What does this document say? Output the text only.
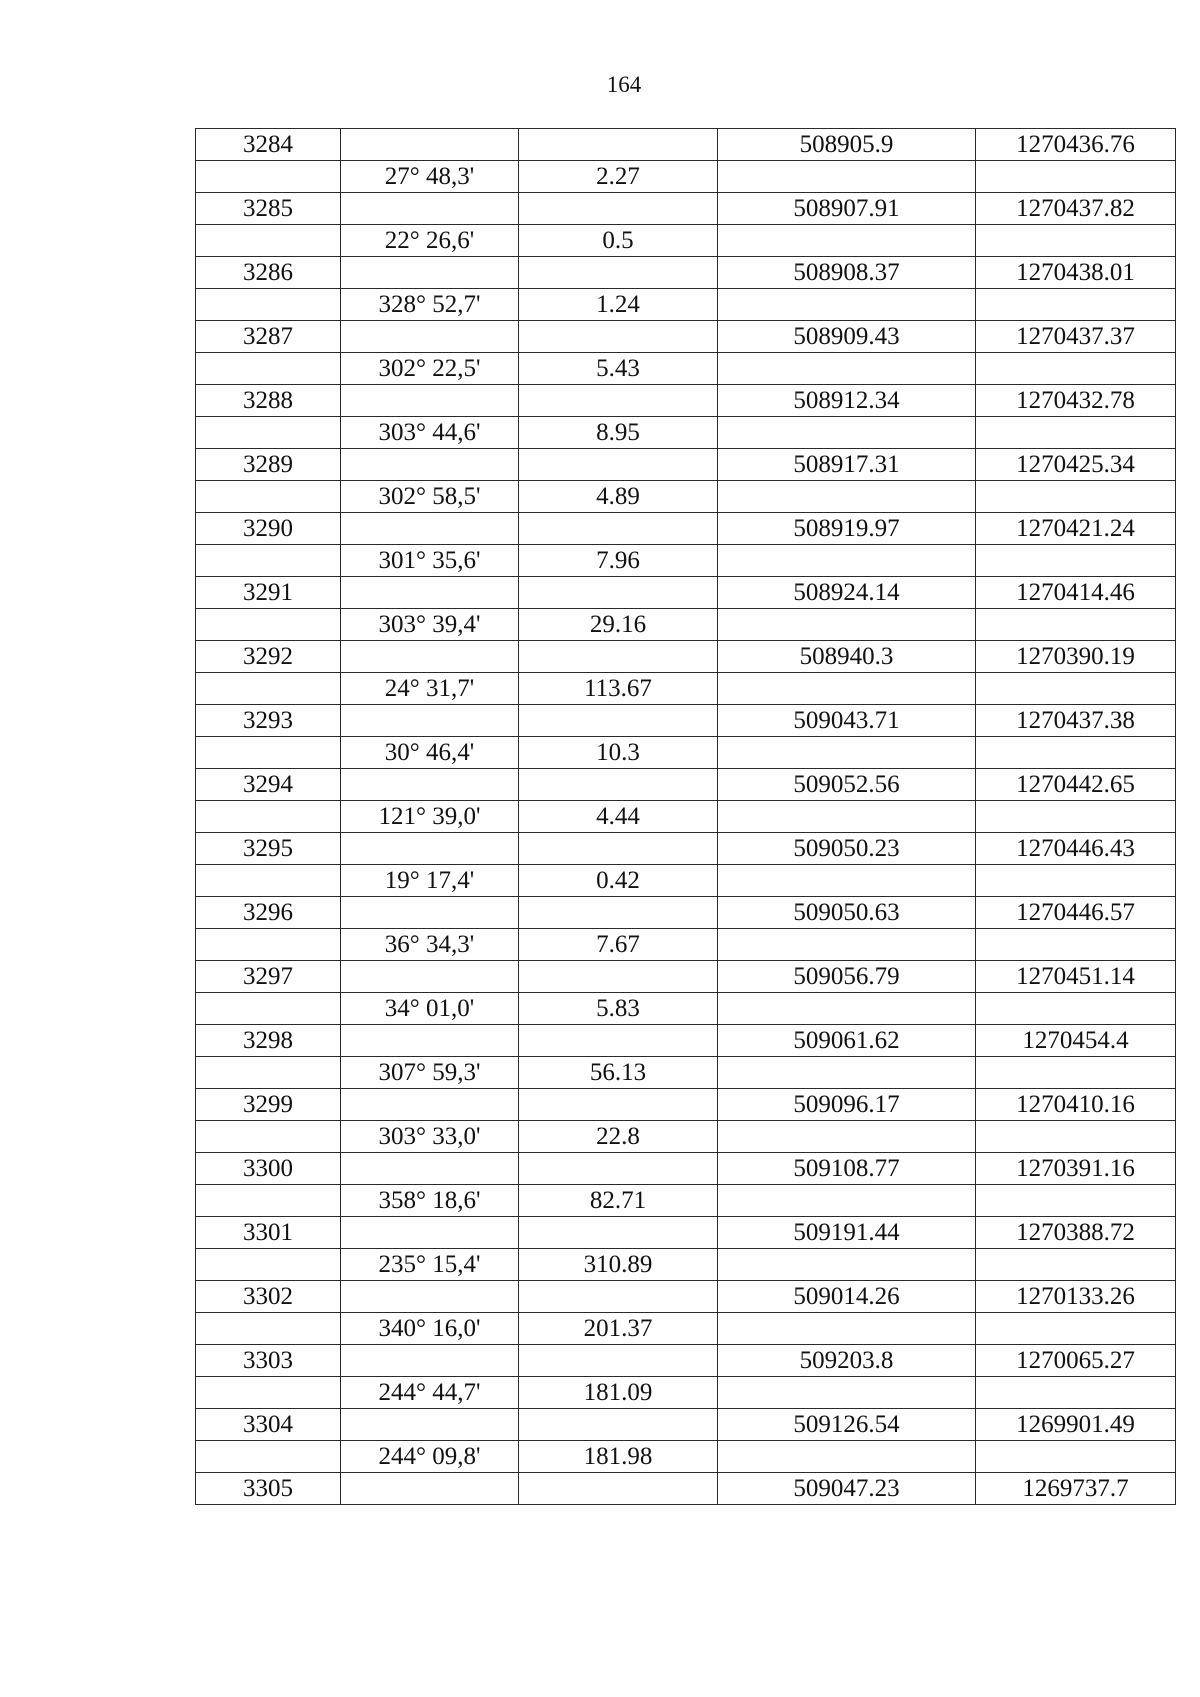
164
3284			508905.9	1270436.76
	27° 48,3'	2.27		
3285			508907.91	1270437.82
	22° 26,6'	0.5		
3286			508908.37	1270438.01
	328° 52,7'	1.24		
3287			508909.43	1270437.37
	302° 22,5'	5.43		
3288			508912.34	1270432.78
	303° 44,6'	8.95		
3289			508917.31	1270425.34
	302° 58,5'	4.89		
3290			508919.97	1270421.24
	301° 35,6'	7.96		
3291			508924.14	1270414.46
	303° 39,4'	29.16		
3292			508940.3	1270390.19
	24° 31,7'	113.67		
3293			509043.71	1270437.38
	30° 46,4'	10.3		
3294			509052.56	1270442.65
	121° 39,0'	4.44		
3295			509050.23	1270446.43
	19° 17,4'	0.42		
3296			509050.63	1270446.57
	36° 34,3'	7.67		
3297			509056.79	1270451.14
	34° 01,0'	5.83		
3298			509061.62	1270454.4
	307° 59,3'	56.13		
3299			509096.17	1270410.16
	303° 33,0'	22.8		
3300			509108.77	1270391.16
	358° 18,6'	82.71		
3301			509191.44	1270388.72
	235° 15,4'	310.89		
3302			509014.26	1270133.26
	340° 16,0'	201.37		
3303			509203.8	1270065.27
	244° 44,7'	181.09		
3304			509126.54	1269901.49
	244° 09,8'	181.98		
3305			509047.23	1269737.7
